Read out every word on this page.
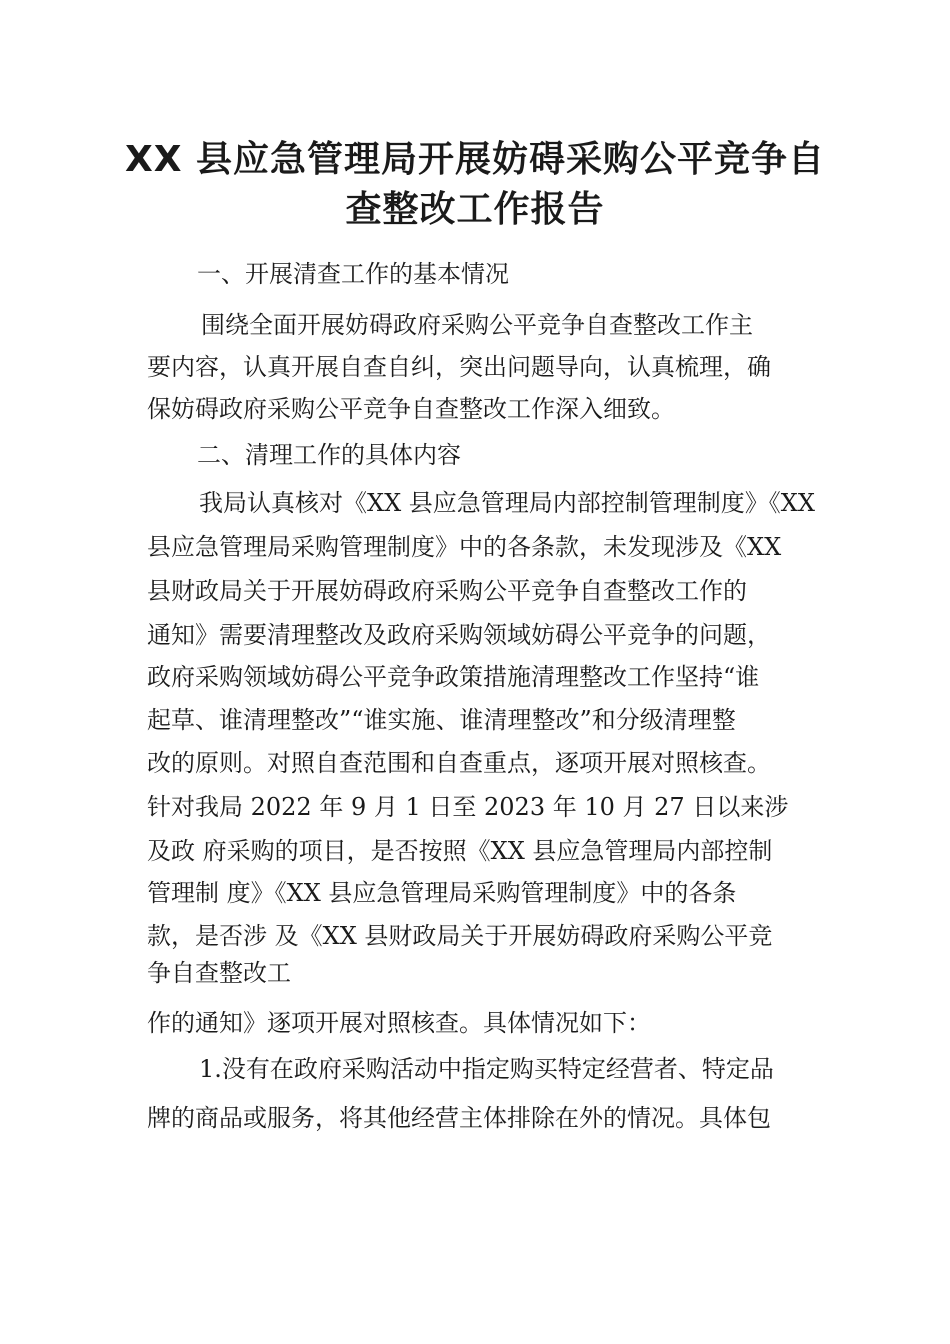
XX 县应急管理局开展妨碍采购公平竞争自
查整改工作报告

一、开展清查工作的基本情况

围绕全面开展妨碍政府采购公平竞争自查整改工作主

要内容，认真开展自查自纠，突出问题导向，认真梳理，确

保妨碍政府采购公平竞争自查整改工作深入细致。

二、清理工作的具体内容

我局认真核对《XX 县应急管理局内部控制管理制度》《XX

县应急管理局采购管理制度》中的各条款，未发现涉及《XX

县财政局关于开展妨碍政府采购公平竞争自查整改工作的

通知》需要清理整改及政府采购领域妨碍公平竞争的问题，

政府采购领域妨碍公平竞争政策措施清理整改工作坚持“谁

起草、谁清理整改”“谁实施、谁清理整改”和分级清理整

改的原则。对照自查范围和自查重点，逐项开展对照核查。

针对我局 2022 年 9 月 1 日至 2023 年 10 月 27 日以来涉

及政 府采购的项目，是否按照《XX 县应急管理局内部控制

管理制 度》《XX 县应急管理局采购管理制度》中的各条

款，是否涉 及《XX 县财政局关于开展妨碍政府采购公平竞

争自查整改工

作的通知》逐项开展对照核查。具体情况如下：

1.没有在政府采购活动中指定购买特定经营者、特定品

牌的商品或服务，将其他经营主体排除在外的情况。具体包
